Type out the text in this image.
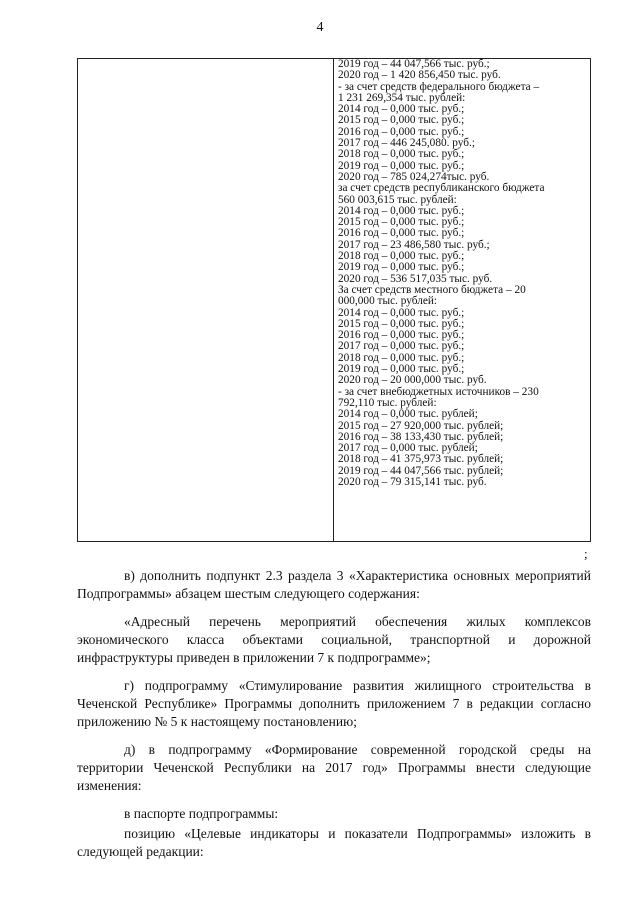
4

2019 год – 44 047,566 тыс. руб.;
2020 год – 1 420 856,450 тыс. руб.
- за счет средств федерального бюджета –
1 231 269,354 тыс. рублей:
2014 год – 0,000 тыс. руб.;
2015 год – 0,000 тыс. руб.;
2016 год – 0,000 тыс. руб.;
2017 год – 446 245,080. руб.;
2018 год – 0,000 тыс. руб.;
2019 год – 0,000 тыс. руб.;
2020 год – 785 024,274тыс. руб.
за счет средств республиканского бюджета
560 003,615 тыс. рублей:
2014 год – 0,000 тыс. руб.;
2015 год – 0,000 тыс. руб.;
2016 год – 0,000 тыс. руб.;
2017 год – 23 486,580 тыс. руб.;
2018 год – 0,000 тыс. руб.;
2019 год – 0,000 тыс. руб.;
2020 год – 536 517,035 тыс. руб.
За счет средств местного бюджета – 20
000,000 тыс. рублей:
2014 год – 0,000 тыс. руб.;
2015 год – 0,000 тыс. руб.;
2016 год – 0,000 тыс. руб.;
2017 год – 0,000 тыс. руб.;
2018 год – 0,000 тыс. руб.;
2019 год – 0,000 тыс. руб.;
2020 год – 20 000,000 тыс. руб.
- за счет внебюджетных источников – 230
792,110 тыс. рублей:
2014 год – 0,000 тыс. рублей;
2015 год – 27 920,000 тыс. рублей;
2016 год – 38 133,430 тыс. рублей;
2017 год – 0,000 тыс. рублей;
2018 год – 41 375,973 тыс. рублей;
2019 год – 44 047,566 тыс. рублей;
2020 год – 79 315,141 тыс. руб.
;

в) дополнить подпункт 2.3 раздела 3 «Характеристика основных мероприятий Подпрограммы» абзацем шестым следующего содержания:

«Адресный перечень мероприятий обеспечения жилых комплексов экономического класса объектами социальной, транспортной и дорожной инфраструктуры приведен в приложении 7 к подпрограмме»;

г) подпрограмму «Стимулирование развития жилищного строительства в Чеченской Республике» Программы дополнить приложением 7 в редакции согласно приложению № 5 к настоящему постановлению;

д) в подпрограмму «Формирование современной городской среды на территории Чеченской Республики на 2017 год» Программы внести следующие изменения:

в паспорте подпрограммы:

позицию «Целевые индикаторы и показатели Подпрограммы» изложить в следующей редакции:
